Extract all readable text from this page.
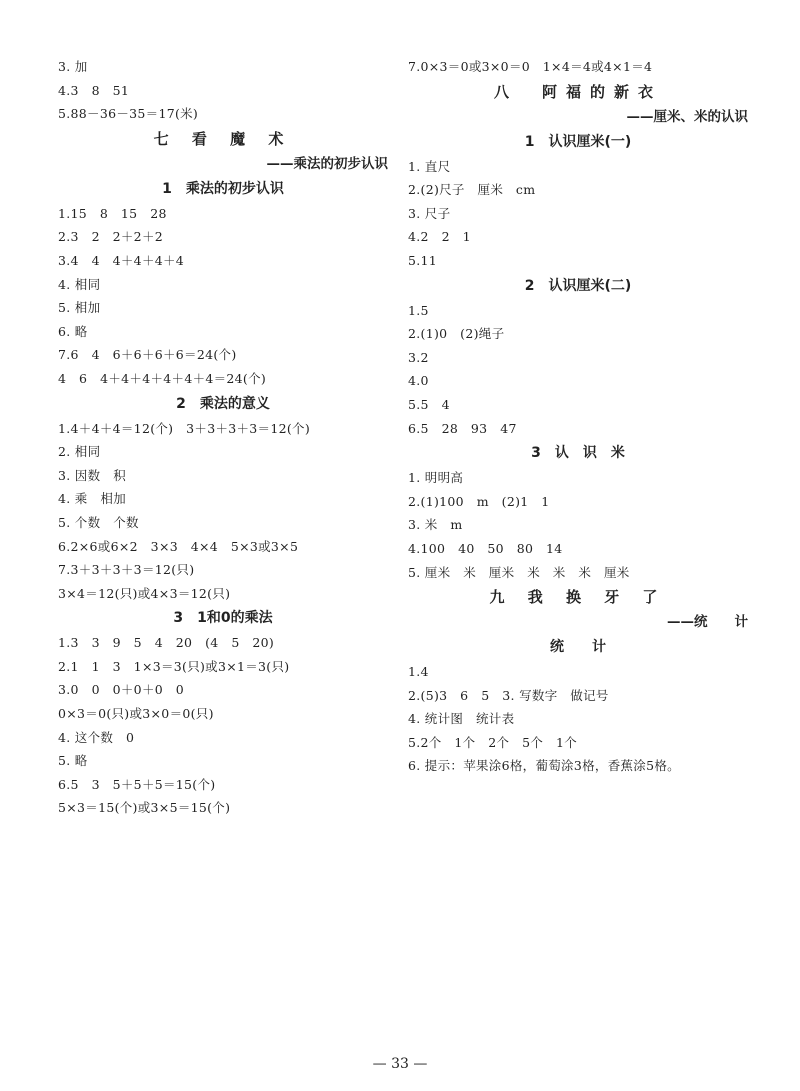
3. 加
4.3　8　51
5.88－36－35＝17(米)
七 看 魔 术
——乘法的初步认识
1　乘法的初步认识
1.15　8　15　28
2.3　2　2＋2＋2
3.4　4　4＋4＋4＋4
4. 相同
5. 相加
6. 略
7.6　4　6＋6＋6＋6＝24(个)
4　6　4＋4＋4＋4＋4＋4＝24(个)
2　乘法的意义
1.4＋4＋4＝12(个)　3＋3＋3＋3＝12(个)
2. 相同
3. 因数　积
4. 乘　相加
5. 个数　个数
6.2×6或6×2　3×3　4×4　5×3或3×5
7.3＋3＋3＋3＝12(只)
3×4＝12(只)或4×3＝12(只)
3　1和0的乘法
1.3　3　9　5　4　20　(4　5　20)
2.1　1　3　1×3＝3(只)或3×1＝3(只)
3.0　0　0＋0＋0　0
0×3＝0(只)或3×0＝0(只)
4. 这个数　0
5. 略
6.5　3　5＋5＋5＝15(个)
5×3＝15(个)或3×5＝15(个)
7.0×3＝0或3×0＝0　1×4＝4或4×1＝4
八　阿福的新衣
——厘米、米的认识
1　认识厘米(一)
1. 直尺
2.(2)尺子　厘米　cm
3. 尺子
4.2　2　1
5.11
2　认识厘米(二)
1.5
2.(1)0　(2)绳子
3.2
4.0
5.5　4
6.5　28　93　47
3　认　识　米
1. 明明高
2.(1)100　m　(2)1　1
3. 米　m
4.100　40　50　80　14
5. 厘米　米　厘米　米　米　米　厘米
九 我 换 牙 了
——统　　计
统　　计
1.4
2.(5)3　6　5　3. 写数字　做记号
4. 统计图　统计表
5.2个　1个　2个　5个　1个
6. 提示：苹果涂6格，葡萄涂3格，香蕉涂5格。
— 33 —
